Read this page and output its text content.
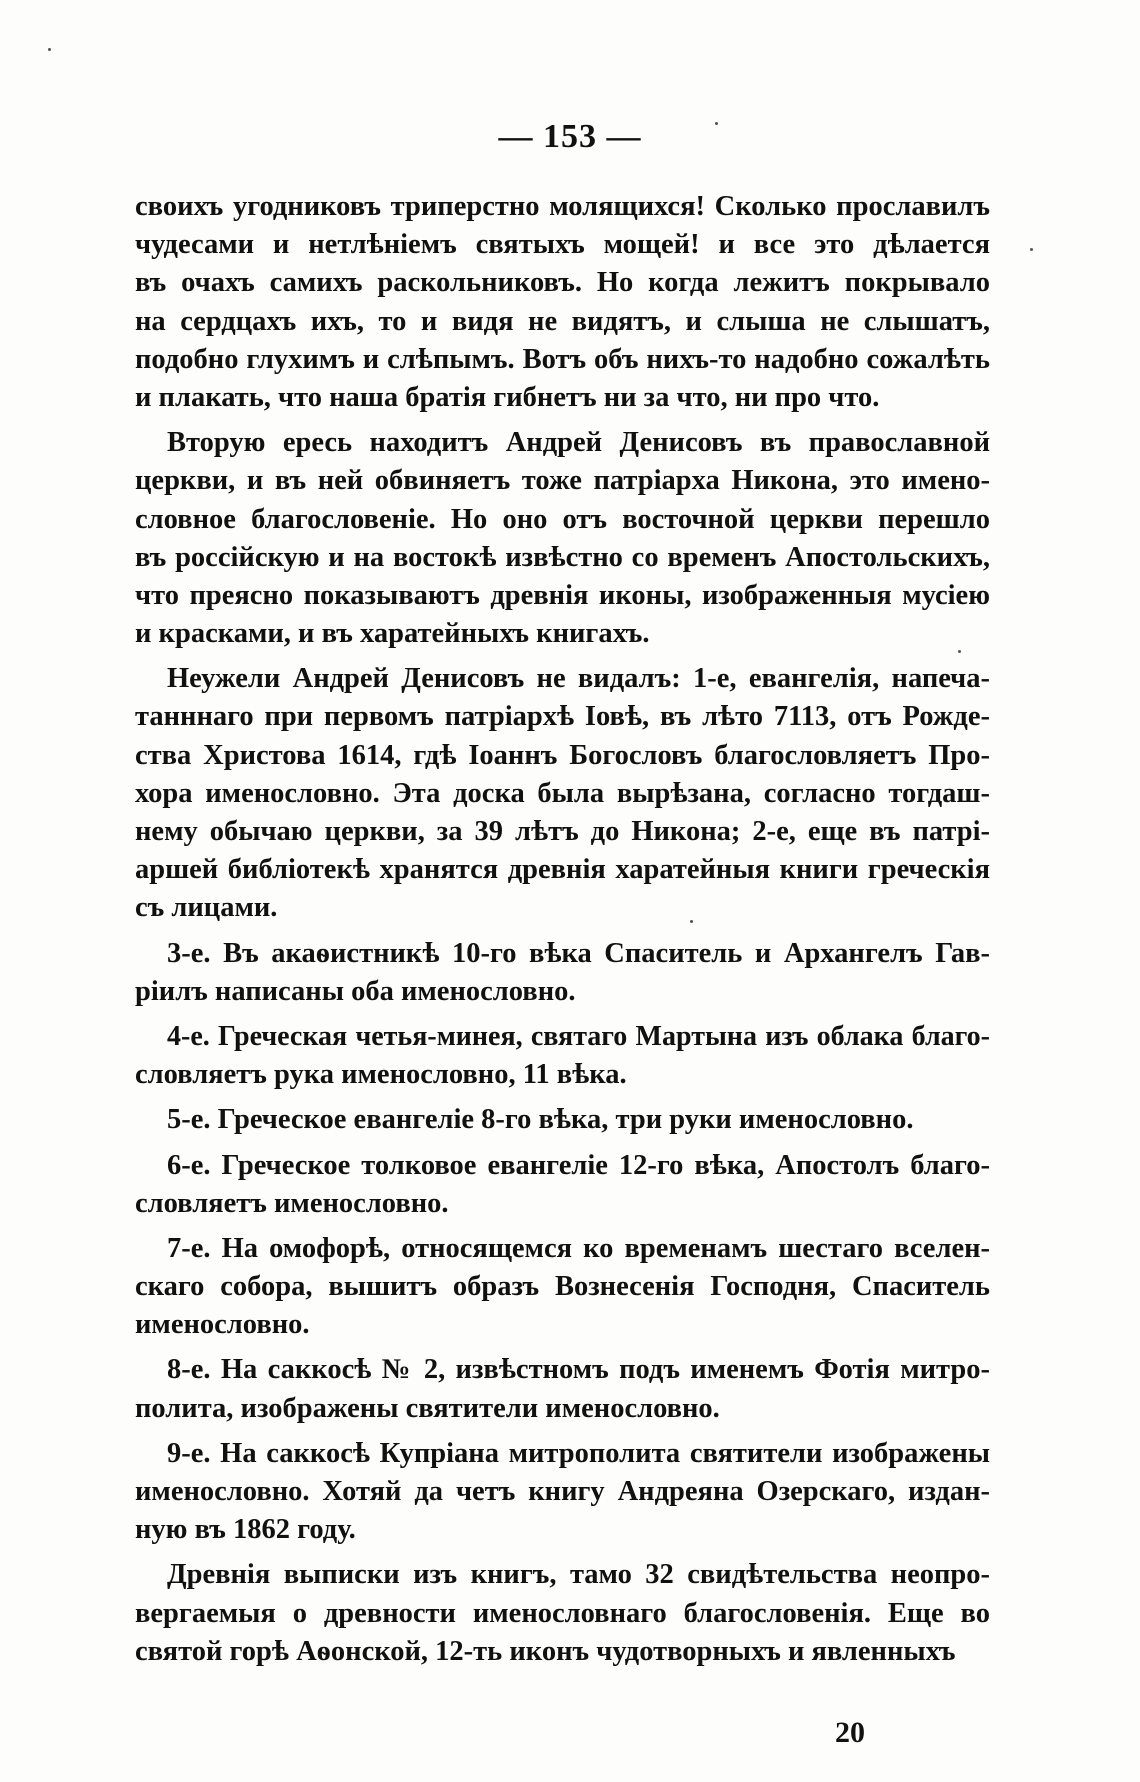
— 153 —
своихъ угодниковъ триперстно молящихся! Сколько прославилъ
чудесами и нетлѣніемъ святыхъ мощей! и все это дѣлается
въ очахъ самихъ раскольниковъ. Но когда лежитъ покрывало
на сердцахъ ихъ, то и видя не видятъ, и слыша не слышатъ,
подобно глухимъ и слѣпымъ. Вотъ объ нихъ-то надобно сожалѣть
и плакать, что наша братія гибнетъ ни за что, ни про что.
Вторую ересь находитъ Андрей Денисовъ въ православной
церкви, и въ ней обвиняетъ тоже патріарха Никона, это имено-
словное благословеніе. Но оно отъ восточной церкви перешло
въ россійскую и на востокѣ извѣстно со временъ Апостольскихъ,
что преясно показываютъ древнія иконы, изображенныя мусіею
и красками, и въ харатейныхъ книгахъ.
Неужели Андрей Денисовъ не видалъ: 1-е, евангелія, напеча-
танннаго при первомъ патріархѣ Іовѣ, въ лѣто 7113, отъ Рожде-
ства Христова 1614, гдѣ Іоаннъ Богословъ благословляетъ Про-
хора именословно. Эта доска была вырѣзана, согласно тогдаш-
нему обычаю церкви, за 39 лѣтъ до Никона; 2-е, еще въ патрі-
аршей библіотекѣ хранятся древнія харатейныя книги греческія
съ лицами.
3-е. Въ акаѳистникѣ 10-го вѣка Спаситель и Архангелъ Гав-
ріилъ написаны оба именословно.
4-е. Греческая четья-минея, святаго Мартына изъ облака благо-
словляетъ рука именословно, 11 вѣка.
5-е. Греческое евангеліе 8-го вѣка, три руки именословно.
6-е. Греческое толковое евангеліе 12-го вѣка, Апостолъ благо-
словляетъ именословно.
7-е. На омофорѣ, относящемся ко временамъ шестаго вселен-
скаго собора, вышитъ образъ Вознесенія Господня, Спаситель
именословно.
8-е. На саккосѣ № 2, извѣстномъ подъ именемъ Фотія митро-
полита, изображены святители именословно.
9-е. На саккосѣ Купріана митрополита святители изображены
именословно. Хотяй да четъ книгу Андреяна Озерскаго, издан-
ную въ 1862 году.
Древнія выписки изъ книгъ, тамо 32 свидѣтельства неопро-
вергаемыя о древности именословнаго благословенія. Еще во
святой горѣ Аѳонской, 12-ть иконъ чудотворныхъ и явленныхъ
20
